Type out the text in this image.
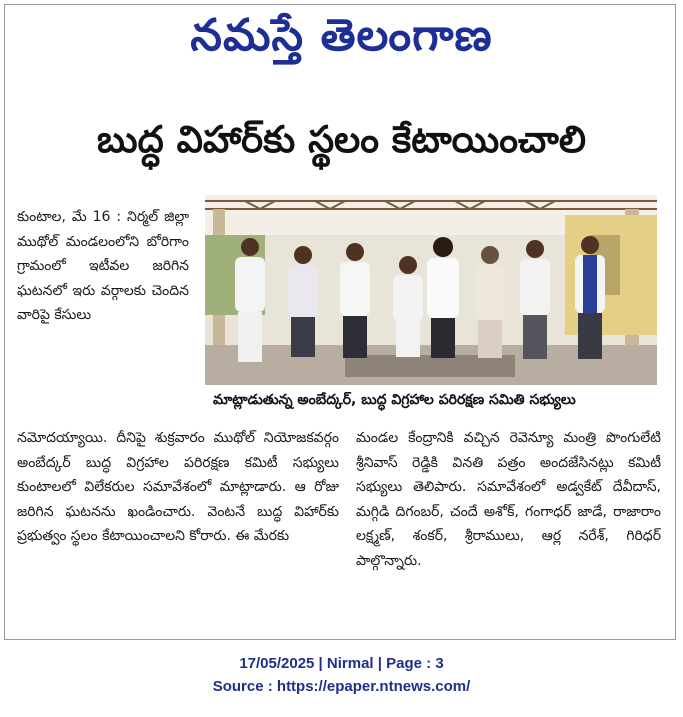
నమస్తే తెలంగాణ
బుద్ధ విహార్‌కు స్థలం కేటాయించాలి

కుంటాల, మే 16 : నిర్మల్ జిల్లా ముథోల్ మండలంలోని బోరిగాం గ్రామంలో ఇటీవల జరిగిన ఘటనలో ఇరు వర్గాలకు చెందిన వారిపై కేసులు

మాట్లాడుతున్న అంబేద్కర్, బుద్ధ విగ్రహాల పరిరక్షణ సమితి సభ్యులు

నమోదయ్యాయి. దీనిపై శుక్రవారం ముథోల్ నియోజకవర్గం అంబేద్కర్ బుద్ధ విగ్రహాల పరిరక్షణ కమిటీ సభ్యులు కుంటాలలో విలేకరుల సమావేశంలో మాట్లాడారు. ఆ రోజు జరిగిన ఘటనను ఖండించారు. వెంటనే బుద్ధ విహార్‌కు ప్రభుత్వం స్థలం కేటాయించాలని కోరారు. ఈ మేరకు

మండల కేంద్రానికి వచ్చిన రెవెన్యూ మంత్రి పొంగులేటి శ్రీనివాస్ రెడ్డికి వినతి పత్రం అందజేసినట్లు కమిటీ సభ్యులు తెలిపారు. సమావేశంలో అడ్వకేట్ దేవీదాస్, మగ్గిడి దిగంబర్, చందే అశోక్, గంగాధర్ జాడే, రాజారాం లక్ష్మణ్, శంకర్, శ్రీరాములు, ఆర్ల నరేశ్, గిరిధర్ పాల్గొన్నారు.

17/05/2025 | Nirmal | Page : 3
Source : https://epaper.ntnews.com/
